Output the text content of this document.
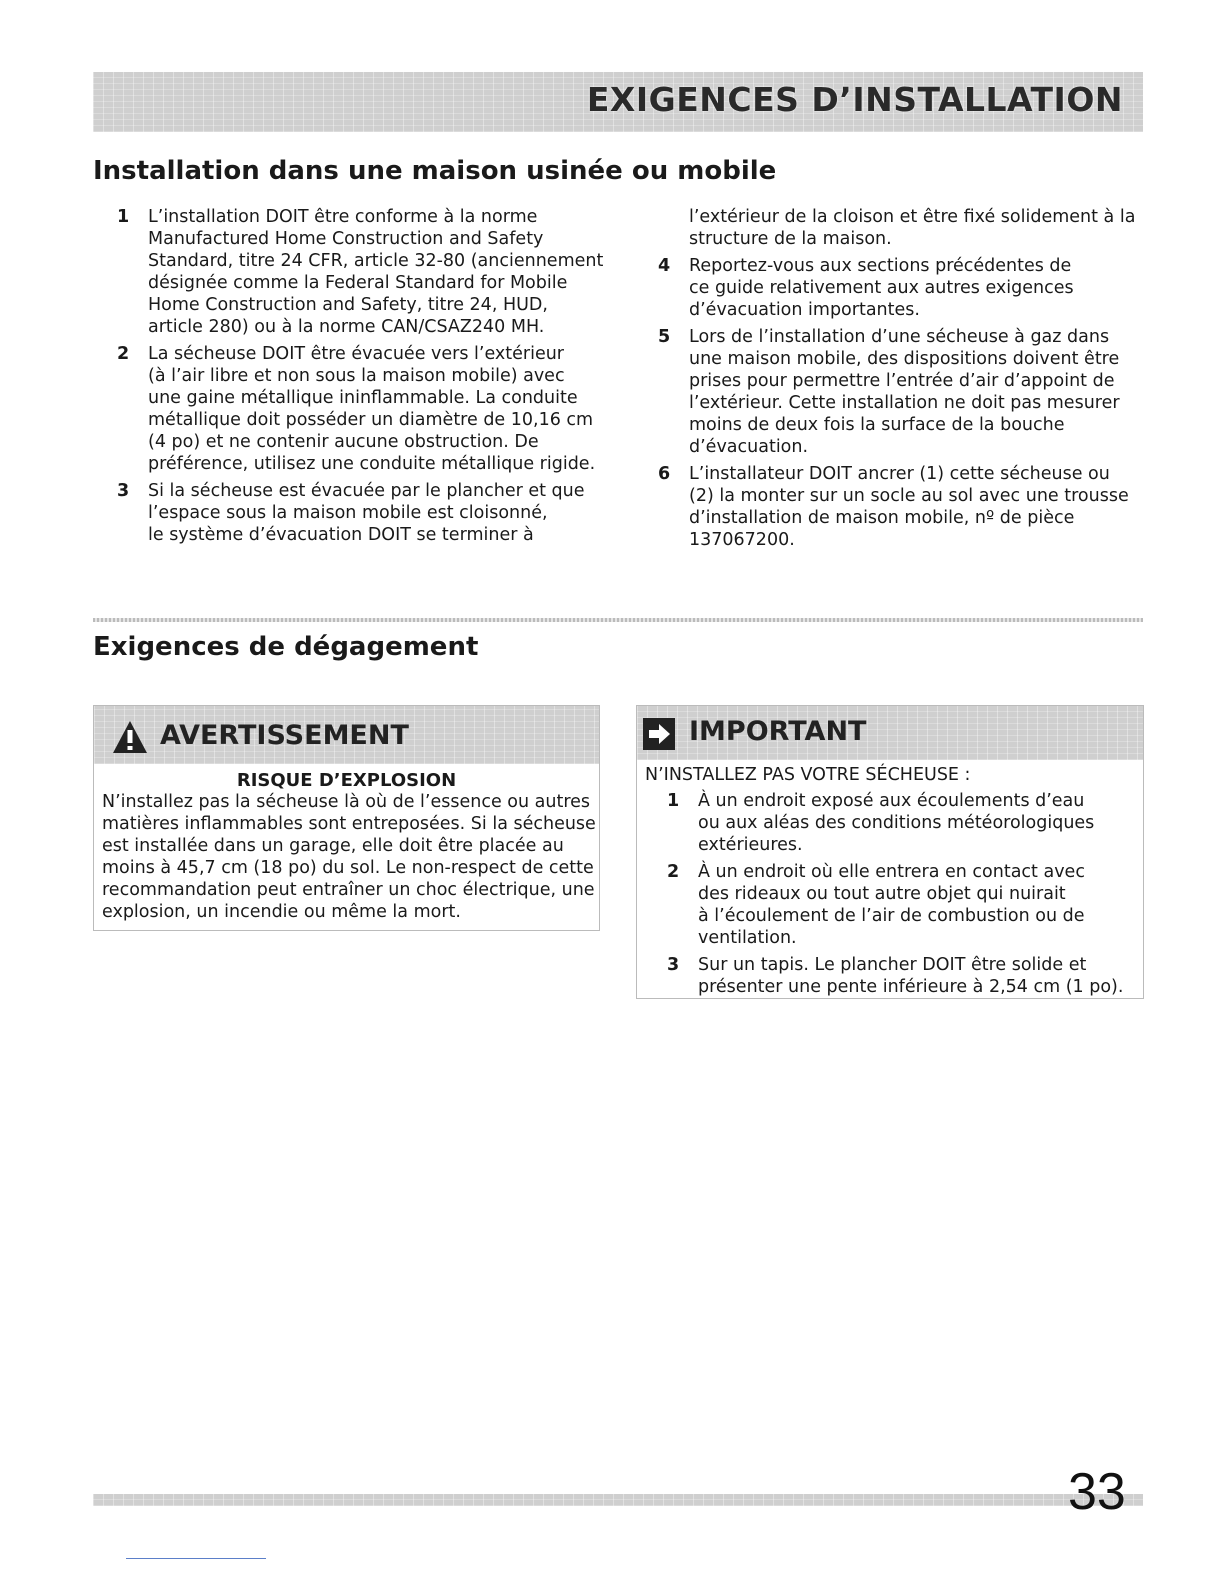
EXIGENCES D’INSTALLATION
Installation dans une maison usinée ou mobile
1	L’installation DOIT être conforme à la norme
Manufactured Home Construction and Safety
Standard, titre 24 CFR, article 32-80 (anciennement
désignée comme la Federal Standard for Mobile
Home Construction and Safety, titre 24, HUD,
article 280) ou à la norme CAN/CSAZ240 MH.
2	La sécheuse DOIT être évacuée vers l’extérieur
(à l’air libre et non sous la maison mobile) avec
une gaine métallique ininflammable. La conduite
métallique doit posséder un diamètre de 10,16 cm
(4 po) et ne contenir aucune obstruction. De
préférence, utilisez une conduite métallique rigide.
3	Si la sécheuse est évacuée par le plancher et que
l’espace sous la maison mobile est cloisonné,
le système d’évacuation DOIT se terminer à
l’extérieur de la cloison et être fixé solidement à la
structure de la maison.
4	Reportez-vous aux sections précédentes de
ce guide relativement aux autres exigences
d’évacuation importantes.
5	Lors de l’installation d’une sécheuse à gaz dans
une maison mobile, des dispositions doivent être
prises pour permettre l’entrée d’air d’appoint de
l’extérieur. Cette installation ne doit pas mesurer
moins de deux fois la surface de la bouche
d’évacuation.
6	L’installateur DOIT ancrer (1) cette sécheuse ou
(2) la monter sur un socle au sol avec une trousse
d’installation de maison mobile, nº de pièce
137067200.
Exigences de dégagement
AVERTISSEMENT
RISQUE D’EXPLOSION
N’installez pas la sécheuse là où de l’essence ou autres
matières inflammables sont entreposées. Si la sécheuse
est installée dans un garage, elle doit être placée au
moins à 45,7 cm (18 po) du sol. Le non-respect de cette
recommandation peut entraîner un choc électrique, une
explosion, un incendie ou même la mort.
IMPORTANT
N’INSTALLEZ PAS VOTRE SÉCHEUSE :
1	À un endroit exposé aux écoulements d’eau
ou aux aléas des conditions météorologiques
extérieures.
2	À un endroit où elle entrera en contact avec
des rideaux ou tout autre objet qui nuirait
à l’écoulement de l’air de combustion ou de
ventilation.
3	Sur un tapis. Le plancher DOIT être solide et
présenter une pente inférieure à 2,54 cm (1 po).
33
